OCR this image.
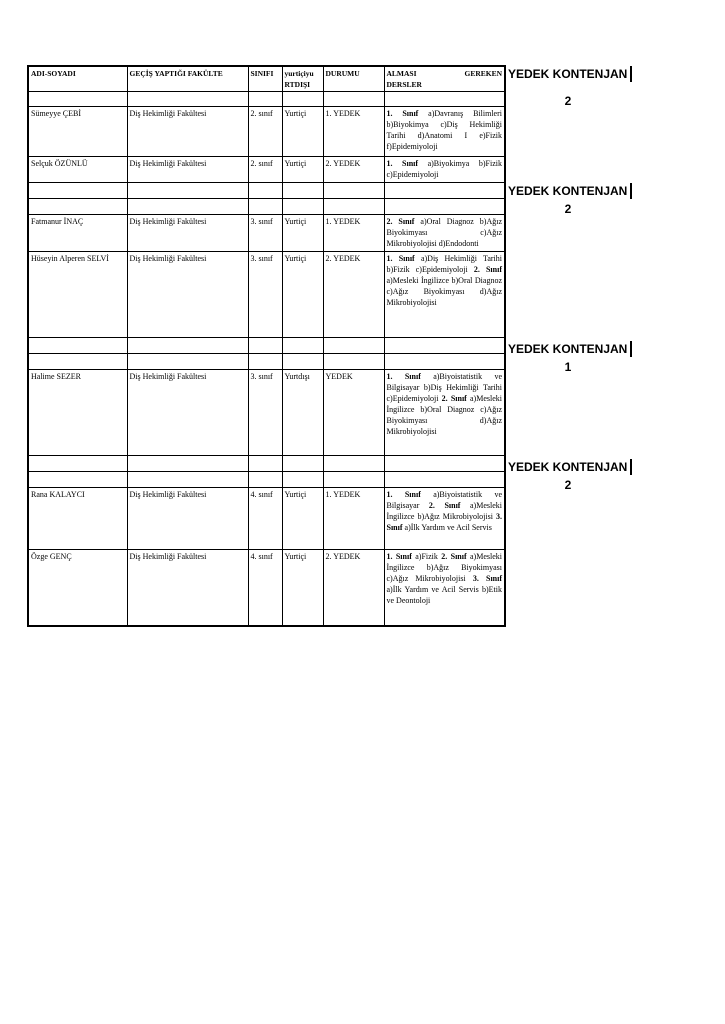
ADI-SOYADI	GEÇİŞ YAPTIĞI FAKÜLTE	SINIFI	yurtiçiyu RTDIŞI	DURUMU	ALMASI GEREKEN
DERSLER

Sümeyye ÇEBİ	Diş Hekimliği Fakültesi	2. sınıf	Yurtiçi	1. YEDEK	1. Sınıf a)Davranış Bilimleri b)Biyokimya c)Diş Hekimliği Tarihi d)Anatomi I e)Fizik f)Epidemiyoloji
Selçuk ÖZÜNLÜ	Diş Hekimliği Fakültesi	2. sınıf	Yurtiçi	2. YEDEK	1. Sınıf a)Biyokimya b)Fizik c)Epidemiyoloji

Fatmanur İNAÇ	Diş Hekimliği Fakültesi	3. sınıf	Yurtiçi	1. YEDEK	2. Sınıf a)Oral Diagnoz b)Ağız Biyokimyası c)Ağız Mikrobiyolojisi d)Endodonti
Hüseyin Alperen SELVİ	Diş Hekimliği Fakültesi	3. sınıf	Yurtiçi	2. YEDEK	1. Sınıf a)Diş Hekimliği Tarihi b)Fizik c)Epidemiyoloji 2. Sınıf a)Mesleki İngilizce b)Oral Diagnoz c)Ağız Biyokimyası d)Ağız Mikrobiyolojisi

Halime SEZER	Diş Hekimliği Fakültesi	3. sınıf	Yurtdışı	YEDEK	1. Sınıf a)Biyoistatistik ve Bilgisayar b)Diş Hekimliği Tarihi c)Epidemiyoloji 2. Sınıf a)Mesleki İngilizce b)Oral Diagnoz c)Ağız Biyokimyası d)Ağız Mikrobiyolojisi

Rana KALAYCI	Diş Hekimliği Fakültesi	4. sınıf	Yurtiçi	1. YEDEK	1. Sınıf a)Biyoistatistik ve Bilgisayar 2. Sınıf a)Mesleki İngilizce b)Ağız Mikrobiyolojisi 3. Sınıf a)İlk Yardım ve Acil Servis
Özge GENÇ	Diş Hekimliği Fakültesi	4. sınıf	Yurtiçi	2. YEDEK	1. Sınıf a)Fizik 2. Sınıf a)Mesleki İngilizce b)Ağız Biyokimyası c)Ağız Mikrobiyolojisi 3. Sınıf a)İlk Yardım ve Acil Servis b)Etik ve Deontoloji
YEDEK KONTENJAN
2
YEDEK KONTENJAN
2
YEDEK KONTENJAN
1
YEDEK KONTENJAN
2
